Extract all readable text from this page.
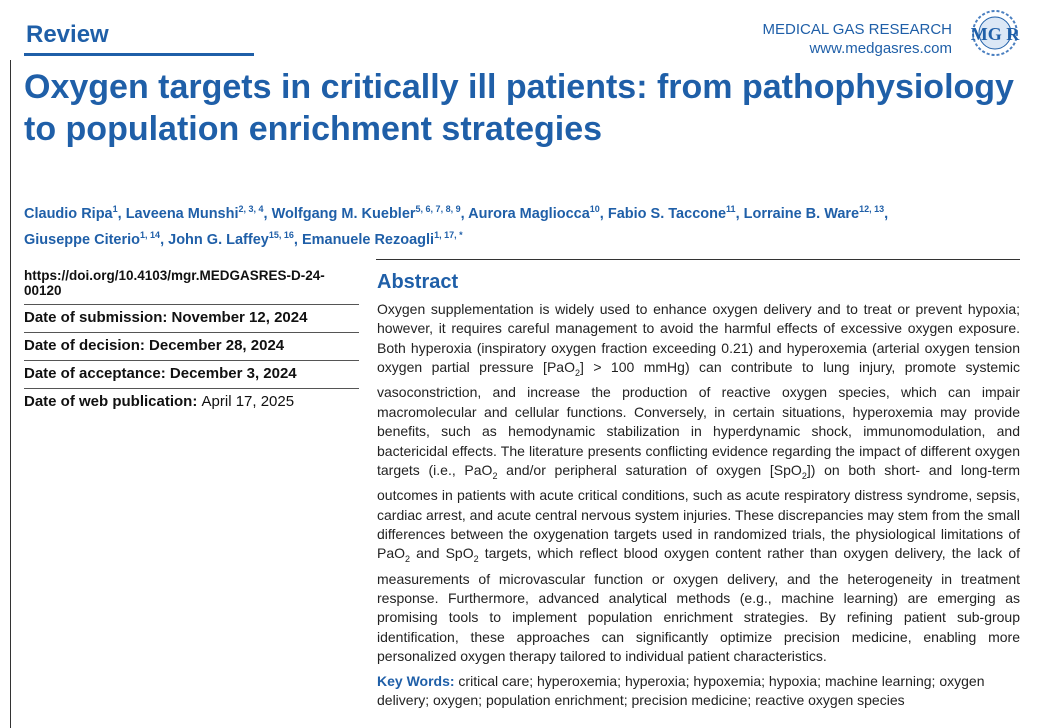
Review	MEDICAL GAS RESEARCH
www.medgasres.com
MG R
Oxygen targets in critically ill patients: from pathophysiology to population enrichment strategies
Claudio Ripa$^1$, Laveena Munshi$^{2, 3, 4}$, Wolfgang M. Kuebler$^{5, 6, 7, 8, 9}$, Aurora Magliocca$^{10}$, Fabio S. Taccone$^{11}$, Lorraine B. Ware$^{12, 13}$,
Giuseppe Citerio$^{1, 14}$, John G. Laffey$^{15, 16}$, Emanuele Rezoagli$^{1, 17, *}$
https://doi.org/10.4103/mgr.MEDGASRES-D-24-00120
Date of submission: November 12, 2024
Date of decision: December 28, 2024
Date of acceptance: December 3, 2024
Date of web publication: April 17, 2025
Abstract
Oxygen supplementation is widely used to enhance oxygen delivery and to treat or prevent hypoxia; however, it requires careful management to avoid the harmful effects of excessive oxygen exposure. Both hyperoxia (inspiratory oxygen fraction exceeding 0.21) and hyperoxemia (arterial oxygen tension oxygen partial pressure [PaO$_2$] > 100 mmHg) can contribute to lung injury, promote systemic vasoconstriction, and increase the production of reactive oxygen species, which can impair macromolecular and cellular functions. Conversely, in certain situations, hyperoxemia may provide benefits, such as hemodynamic stabilization in hyperdynamic shock, immunomodulation, and bactericidal effects. The literature presents conflicting evidence regarding the impact of different oxygen targets (i.e., PaO$_2$ and/or peripheral saturation of oxygen [SpO$_2$]) on both short- and long-term outcomes in patients with acute critical conditions, such as acute respiratory distress syndrome, sepsis, cardiac arrest, and acute central nervous system injuries. These discrepancies may stem from the small differences between the oxygenation targets used in randomized trials, the physiological limitations of PaO$_2$ and SpO$_2$ targets, which reflect blood oxygen content rather than oxygen delivery, the lack of measurements of microvascular function or oxygen delivery, and the heterogeneity in treatment response. Furthermore, advanced analytical methods (e.g., machine learning) are emerging as promising tools to implement population enrichment strategies. By refining patient sub-group identification, these approaches can significantly optimize precision medicine, enabling more personalized oxygen therapy tailored to individual patient characteristics.
Key Words: critical care; hyperoxemia; hyperoxia; hypoxemia; hypoxia; machine learning; oxygen delivery; oxygen; population enrichment; precision medicine; reactive oxygen species
